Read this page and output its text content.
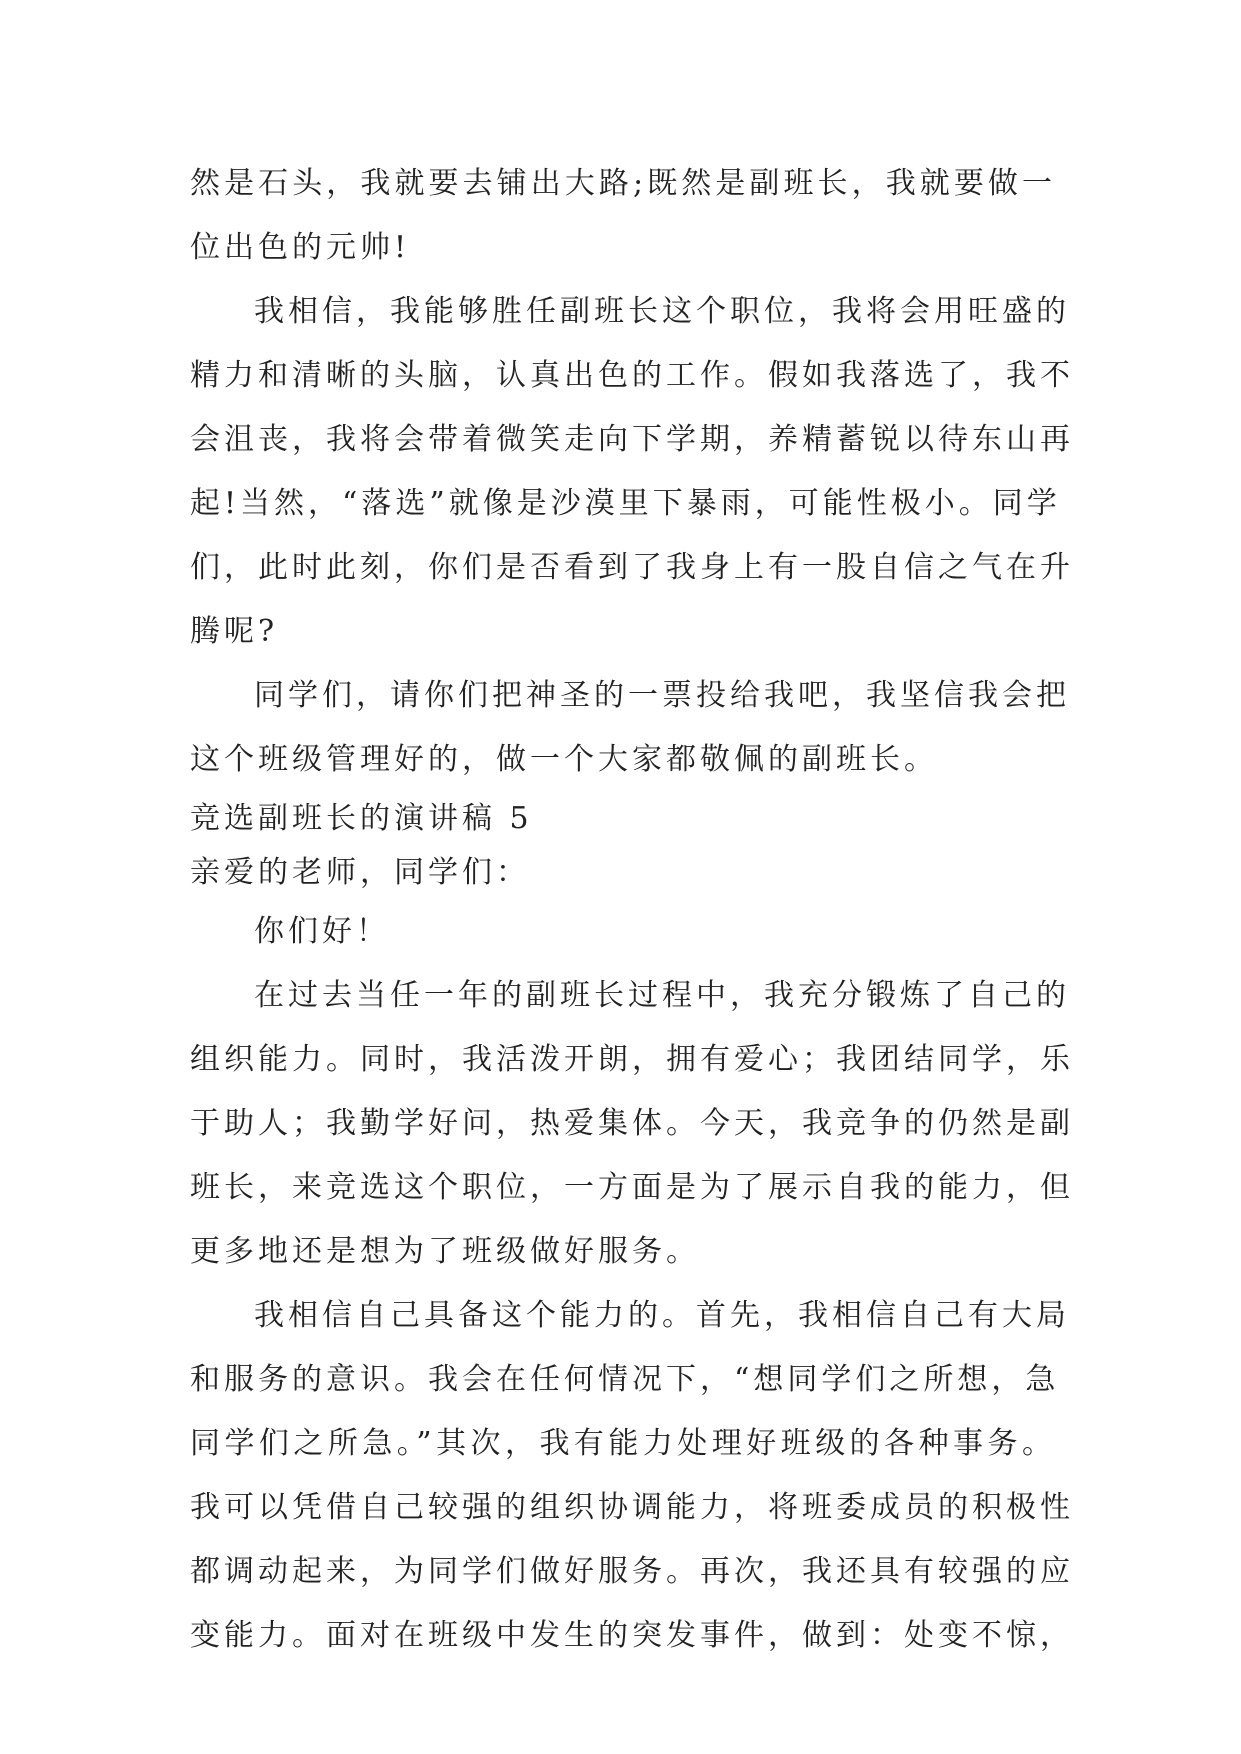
然是石头，我就要去铺出大路;既然是副班长，我就要做一
位出色的元帅!
我相信，我能够胜任副班长这个职位，我将会用旺盛的
精力和清晰的头脑，认真出色的工作。假如我落选了，我不
会沮丧，我将会带着微笑走向下学期，养精蓄锐以待东山再
起!当然，“落选”就像是沙漠里下暴雨，可能性极小。同学
们，此时此刻，你们是否看到了我身上有一股自信之气在升
腾呢?
同学们，请你们把神圣的一票投给我吧，我坚信我会把
这个班级管理好的，做一个大家都敬佩的副班长。
竞选副班长的演讲稿 5
亲爱的老师，同学们：
你们好！
在过去当任一年的副班长过程中，我充分锻炼了自己的
组织能力。同时，我活泼开朗，拥有爱心；我团结同学，乐
于助人；我勤学好问，热爱集体。今天，我竞争的仍然是副
班长，来竞选这个职位，一方面是为了展示自我的能力，但
更多地还是想为了班级做好服务。
我相信自己具备这个能力的。首先，我相信自己有大局
和服务的意识。我会在任何情况下，“想同学们之所想，急
同学们之所急。”其次，我有能力处理好班级的各种事务。
我可以凭借自己较强的组织协调能力，将班委成员的积极性
都调动起来，为同学们做好服务。再次，我还具有较强的应
变能力。面对在班级中发生的突发事件，做到：处变不惊，
